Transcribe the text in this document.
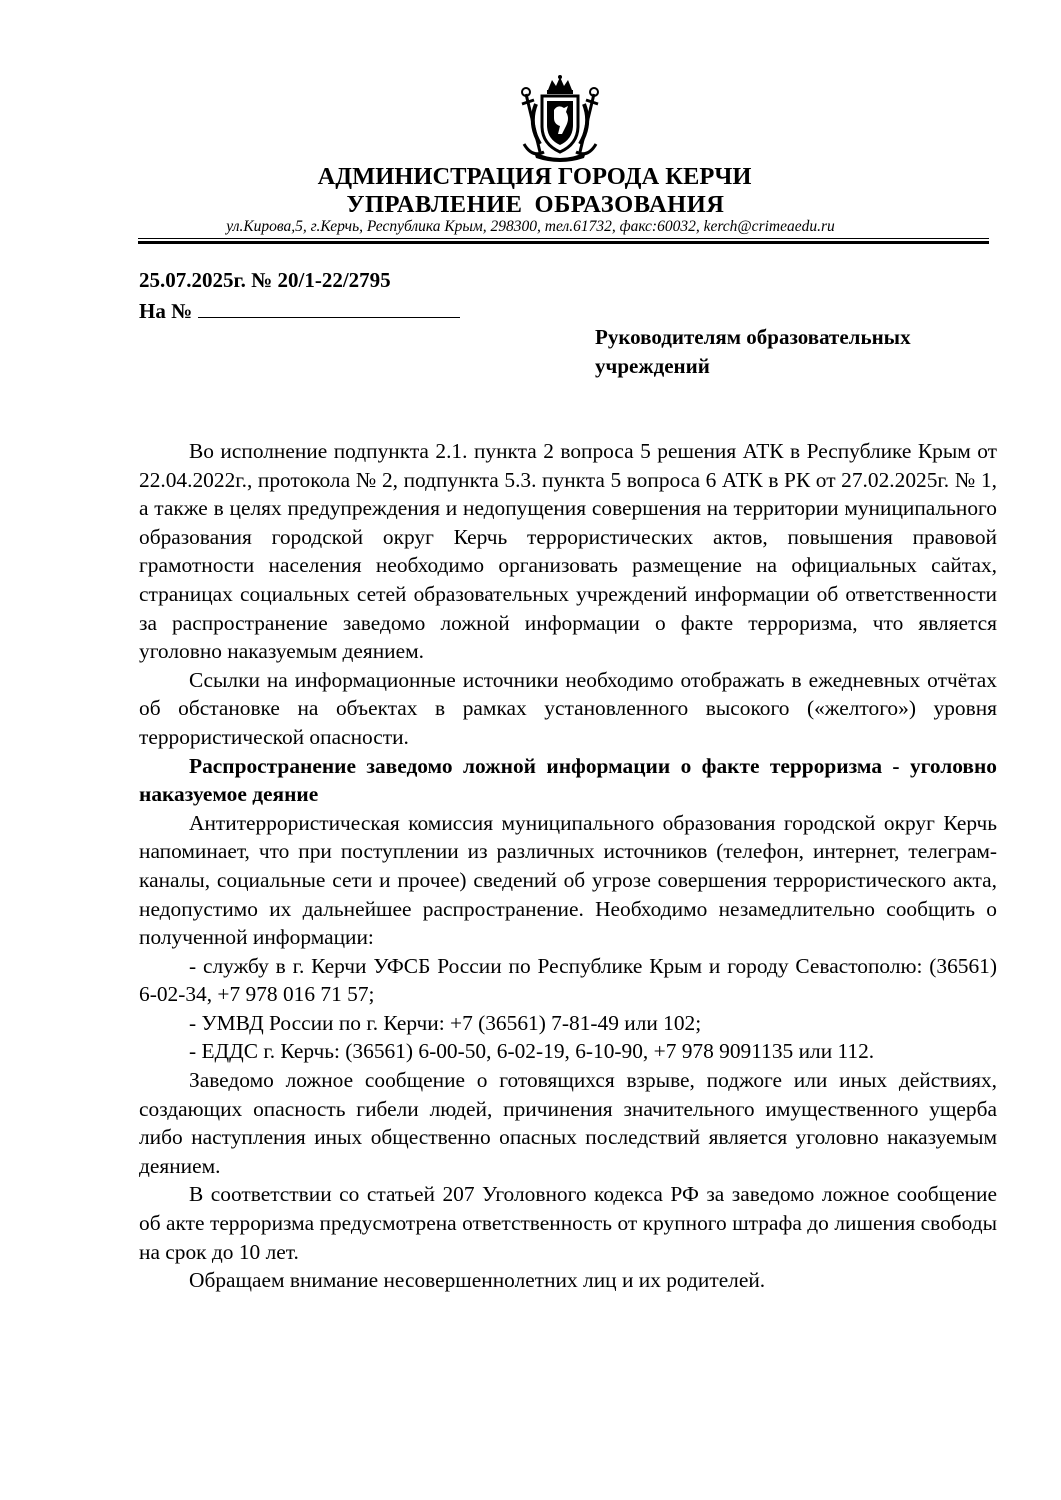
АДМИНИСТРАЦИЯ ГОРОДА КЕРЧИ
УПРАВЛЕНИЕ ОБРАЗОВАНИЯ
ул.Кирова,5, г.Керчь, Республика Крым, 298300, тел.61732, факс:60032, kerch@crimeaedu.ru
25.07.2025г. № 20/1-22/2795
На №
Руководителям образовательных
учреждений

Во исполнение подпункта 2.1. пункта 2 вопроса 5 решения АТК в Республике Крым от 22.04.2022г., протокола № 2, подпункта 5.3. пункта 5 вопроса 6 АТК в РК от 27.02.2025г. № 1, а также в целях предупреждения и недопущения совершения на территории муниципального образования городской округ Керчь террористических актов, повышения правовой грамотности населения необходимо организовать размещение на официальных сайтах, страницах социальных сетей образовательных учреждений информации об ответственности за распространение заведомо ложной информации о факте терроризма, что является уголовно наказуемым деянием.

Ссылки на информационные источники необходимо отображать в ежедневных отчётах об обстановке на объектах в рамках установленного высокого («желтого») уровня террористической опасности.

Распространение заведомо ложной информации о факте терроризма - уголовно наказуемое деяние

Антитеррористическая комиссия муниципального образования городской округ Керчь напоминает, что при поступлении из различных источников (телефон, интернет, телеграм-каналы, социальные сети и прочее) сведений об угрозе совершения террористического акта, недопустимо их дальнейшее распространение. Необходимо незамедлительно сообщить о полученной информации:

- службу в г. Керчи УФСБ России по Республике Крым и городу Севастополю: (36561) 6-02-34, +7 978 016 71 57;

- УМВД России по г. Керчи: +7 (36561) 7-81-49 или 102;

- ЕДДС г. Керчь: (36561) 6-00-50, 6-02-19, 6-10-90, +7 978 9091135 или 112.

Заведомо ложное сообщение о готовящихся взрыве, поджоге или иных действиях, создающих опасность гибели людей, причинения значительного имущественного ущерба либо наступления иных общественно опасных последствий является уголовно наказуемым деянием.

В соответствии со статьей 207 Уголовного кодекса РФ за заведомо ложное сообщение об акте терроризма предусмотрена ответственность от крупного штрафа до лишения свободы на срок до 10 лет.

Обращаем внимание несовершеннолетних лиц и их родителей.
